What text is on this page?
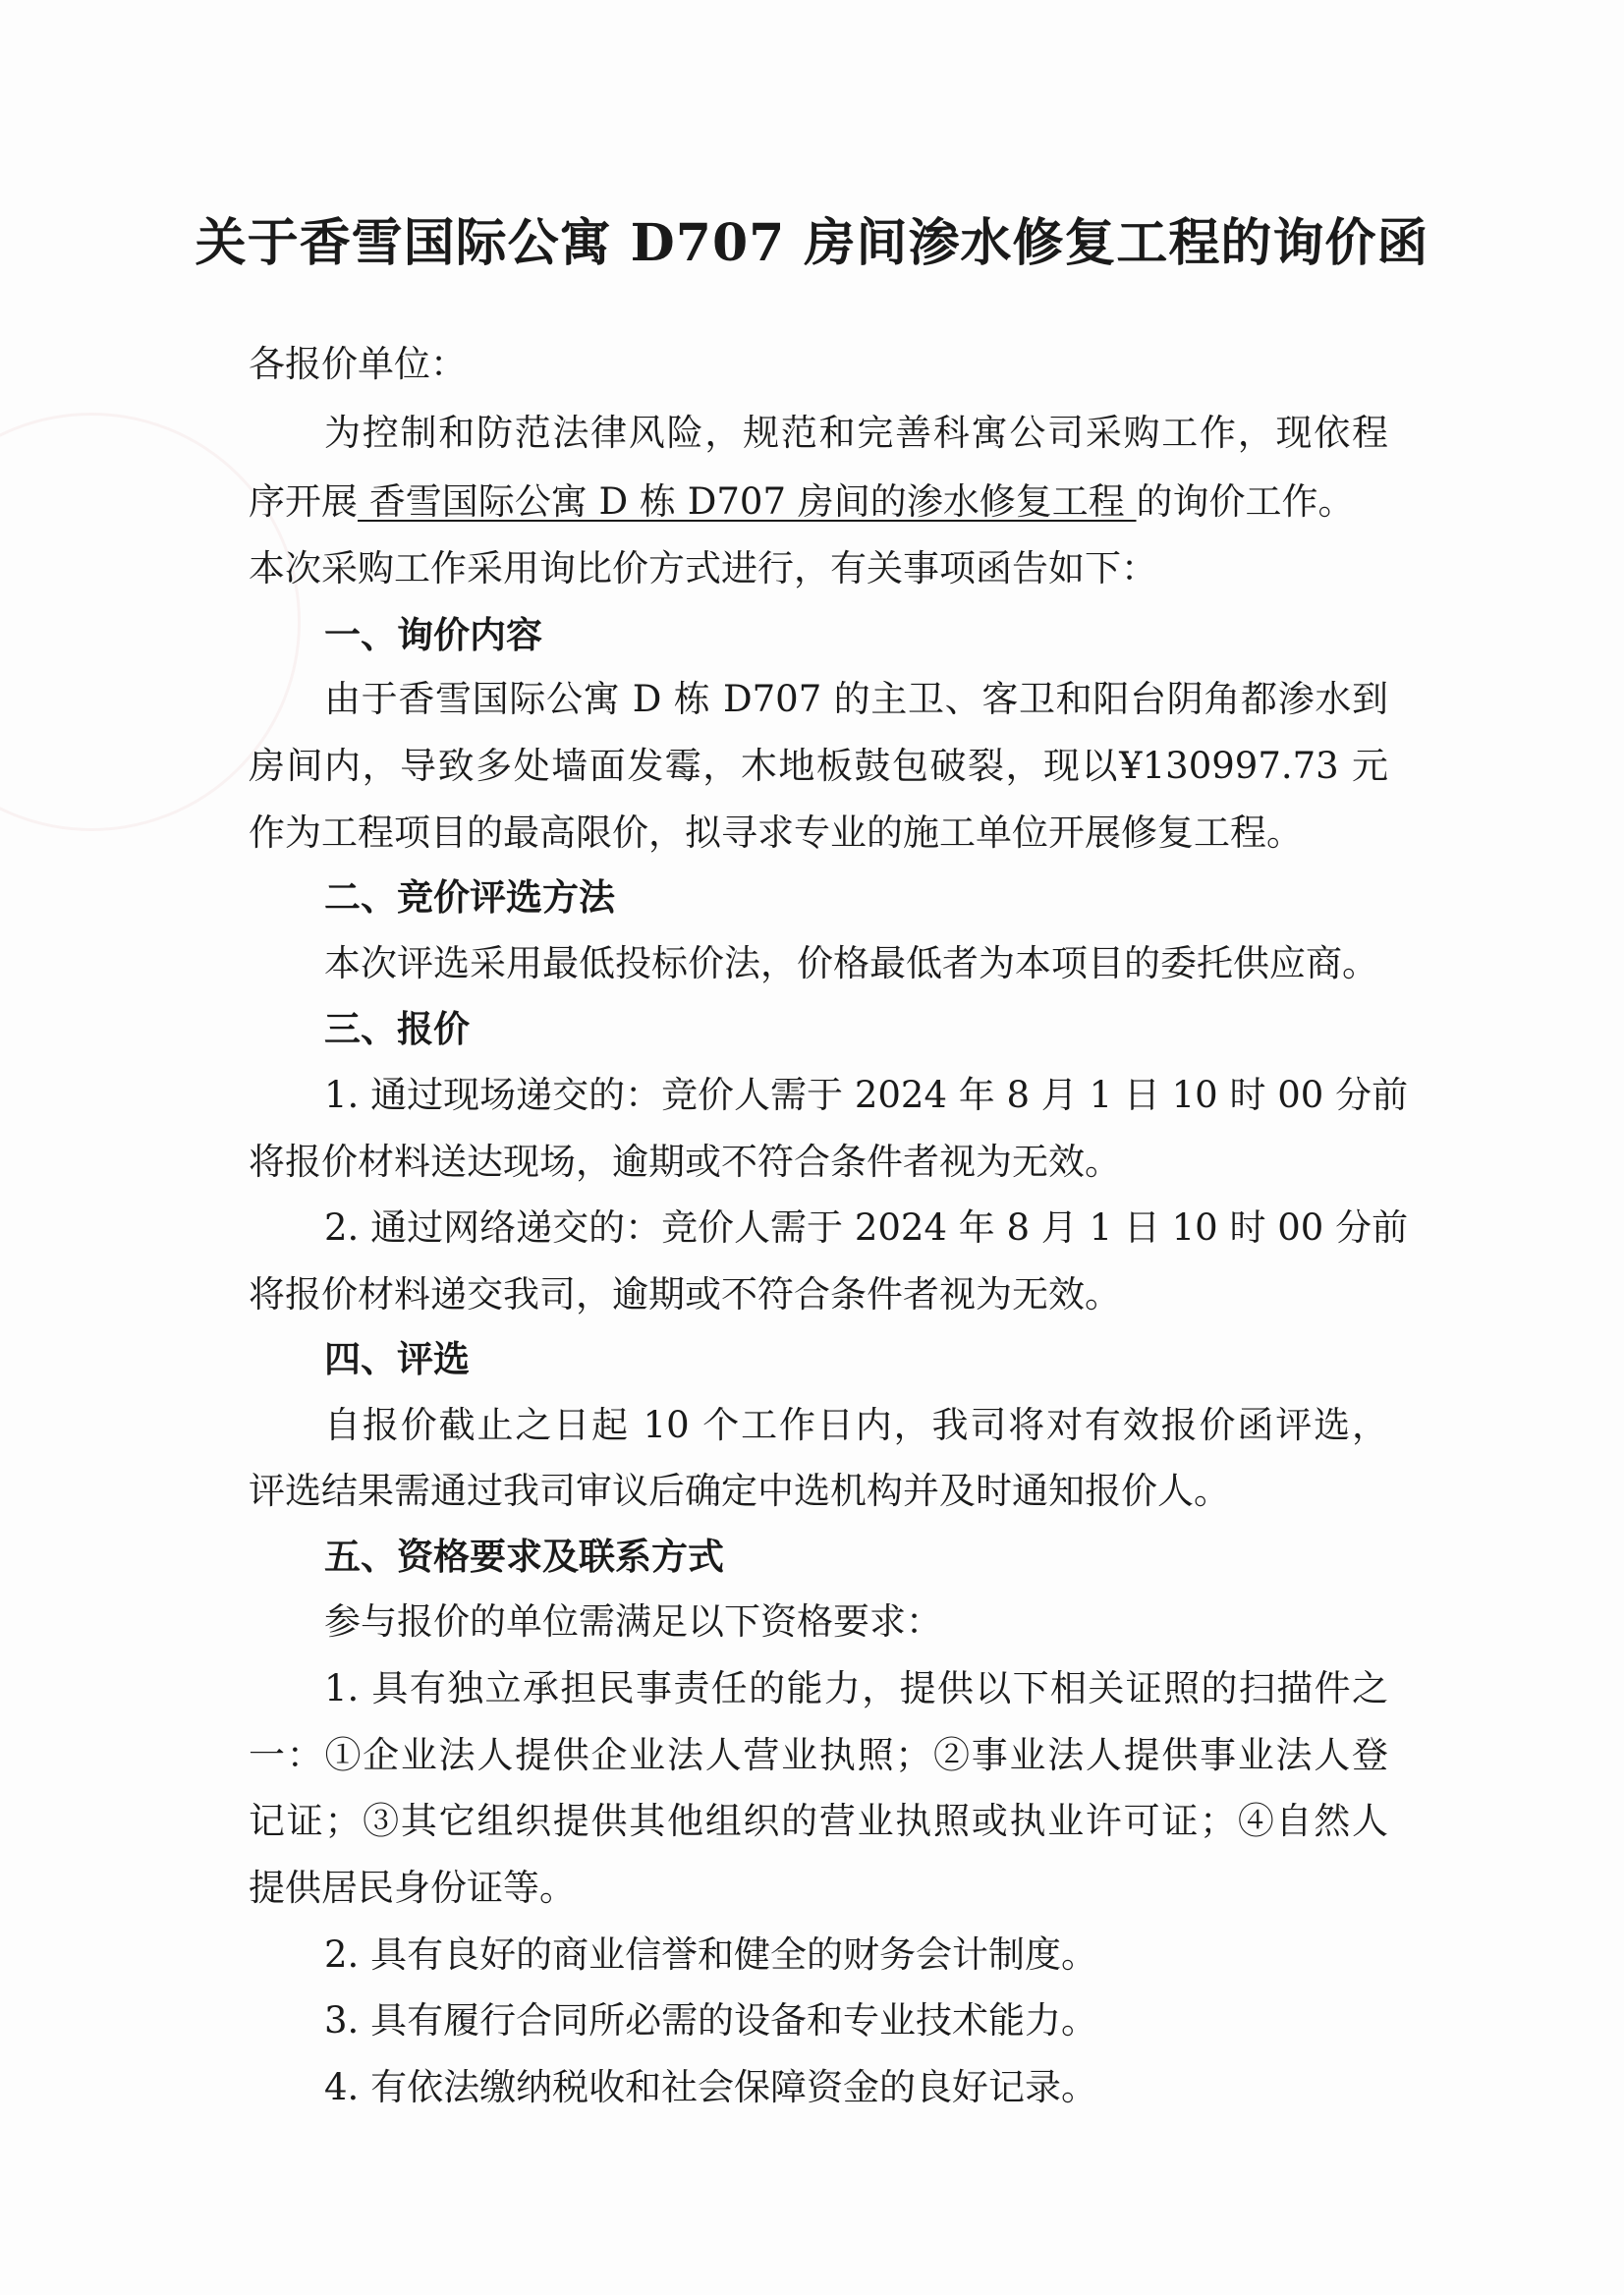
关于香雪国际公寓 D707 房间渗水修复工程的询价函
各报价单位：
为控制和防范法律风险，规范和完善科寓公司采购工作，现依程
序开展 香雪国际公寓 D 栋 D707 房间的渗水修复工程 的询价工作。
本次采购工作采用询比价方式进行，有关事项函告如下：
一、询价内容
由于香雪国际公寓 D 栋 D707 的主卫、客卫和阳台阴角都渗水到
房间内，导致多处墙面发霉，木地板鼓包破裂，现以¥130997.73 元
作为工程项目的最高限价，拟寻求专业的施工单位开展修复工程。
二、竞价评选方法
本次评选采用最低投标价法，价格最低者为本项目的委托供应商。
三、报价
1. 通过现场递交的：竞价人需于 2024 年 8 月 1 日 10 时 00 分前
将报价材料送达现场，逾期或不符合条件者视为无效。
2. 通过网络递交的：竞价人需于 2024 年 8 月 1 日 10 时 00 分前
将报价材料递交我司，逾期或不符合条件者视为无效。
四、评选
自报价截止之日起 10 个工作日内，我司将对有效报价函评选，
评选结果需通过我司审议后确定中选机构并及时通知报价人。
五、资格要求及联系方式
参与报价的单位需满足以下资格要求：
1. 具有独立承担民事责任的能力，提供以下相关证照的扫描件之
一：①企业法人提供企业法人营业执照；②事业法人提供事业法人登
记证；③其它组织提供其他组织的营业执照或执业许可证；④自然人
提供居民身份证等。
2. 具有良好的商业信誉和健全的财务会计制度。
3. 具有履行合同所必需的设备和专业技术能力。
4. 有依法缴纳税收和社会保障资金的良好记录。
